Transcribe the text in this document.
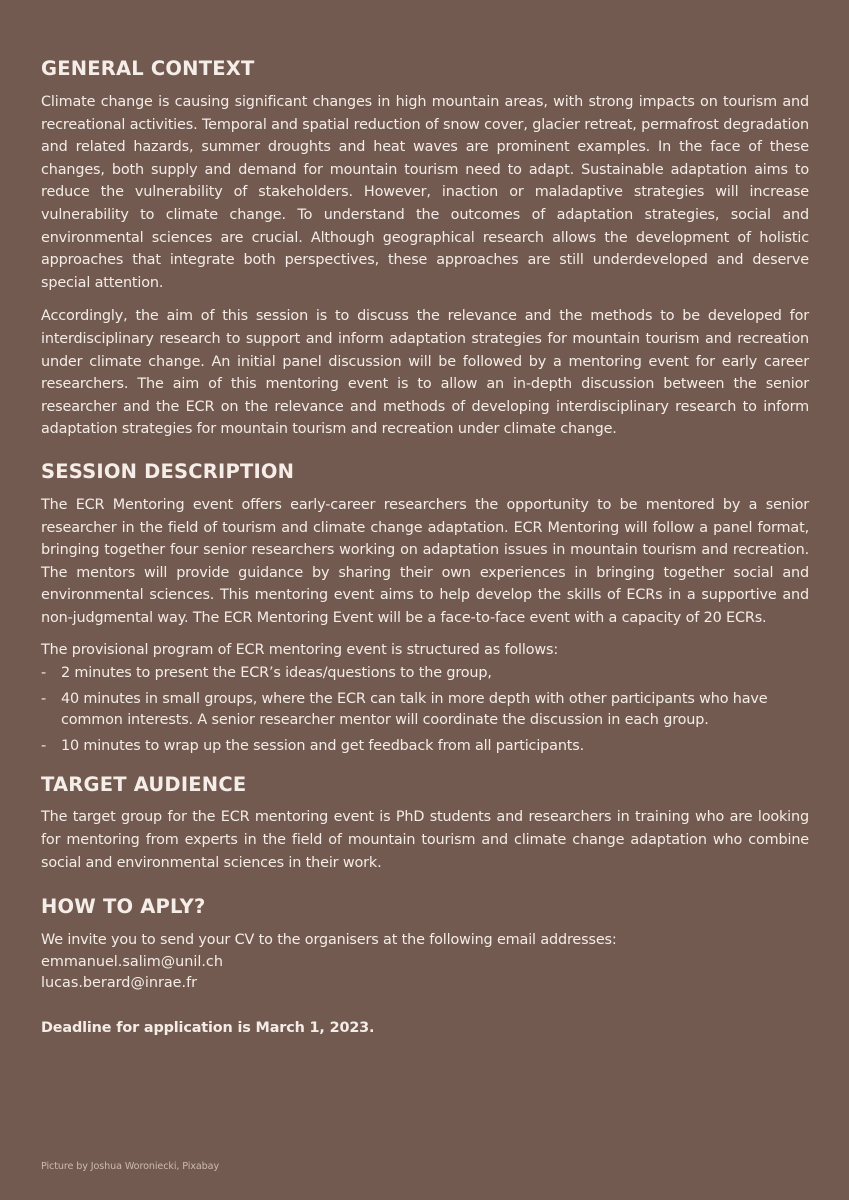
GENERAL CONTEXT

Climate change is causing significant changes in high mountain areas, with strong impacts on tourism and recreational activities. Temporal and spatial reduction of snow cover, glacier retreat, permafrost degradation and related hazards, summer droughts and heat waves are prominent examples. In the face of these changes, both supply and demand for mountain tourism need to adapt. Sustainable adaptation aims to reduce the vulnerability of stakeholders. However, inaction or maladaptive strategies will increase vulnerability to climate change. To understand the outcomes of adaptation strategies, social and environmental sciences are crucial. Although geographical research allows the development of holistic approaches that integrate both perspectives, these approaches are still underdeveloped and deserve special attention.

Accordingly, the aim of this session is to discuss the relevance and the methods to be developed for interdisciplinary research to support and inform adaptation strategies for mountain tourism and recreation under climate change. An initial panel discussion will be followed by a mentoring event for early career researchers. The aim of this mentoring event is to allow an in-depth discussion between the senior researcher and the ECR on the relevance and methods of developing interdisciplinary research to inform adaptation strategies for mountain tourism and recreation under climate change.

SESSION DESCRIPTION

The ECR Mentoring event offers early-career researchers the opportunity to be mentored by a senior researcher in the field of tourism and climate change adaptation. ECR Mentoring will follow a panel format, bringing together four senior researchers working on adaptation issues in mountain tourism and recreation. The mentors will provide guidance by sharing their own experiences in bringing together social and environmental sciences. This mentoring event aims to help develop the skills of ECRs in a supportive and non-judgmental way. The ECR Mentoring Event will be a face-to-face event with a capacity of 20 ECRs.

The provisional program of ECR mentoring event is structured as follows:

- 2 minutes to present the ECR’s ideas/questions to the group,
- 40 minutes in small groups, where the ECR can talk in more depth with other participants who have common interests. A senior researcher mentor will coordinate the discussion in each group.
- 10 minutes to wrap up the session and get feedback from all participants.
TARGET AUDIENCE

The target group for the ECR mentoring event is PhD students and researchers in training who are looking for mentoring from experts in the field of mountain tourism and climate change adaptation who combine social and environmental sciences in their work.

HOW TO APLY?

We invite you to send your CV to the organisers at the following email addresses:

emmanuel.salim@unil.ch
lucas.berard@inrae.fr

Deadline for application is March 1, 2023.

Picture by Joshua Woroniecki, Pixabay
